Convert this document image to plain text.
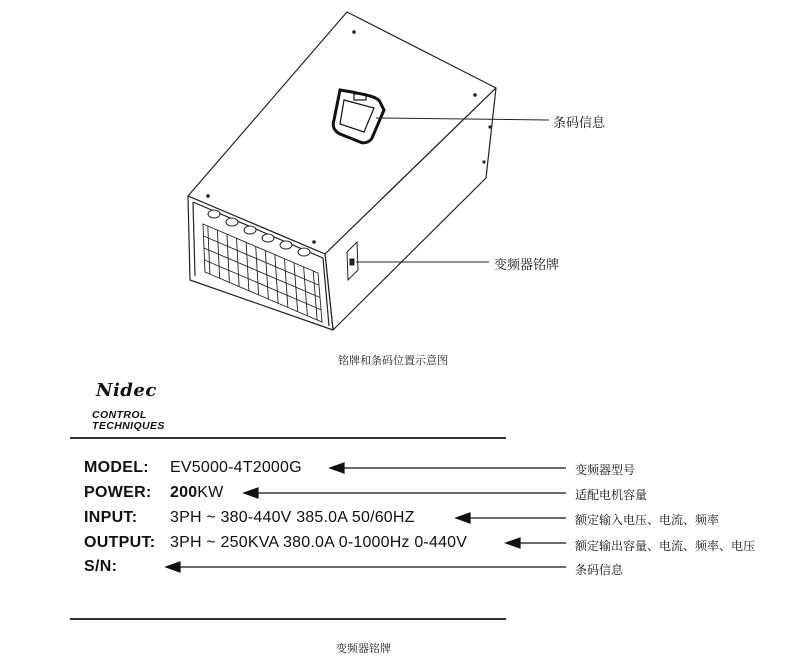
条码信息
变频器铭牌
铭牌和条码位置示意图
Nidec
CONTROL
TECHNIQUES
MODEL: EV5000-4T2000G	变频器型号
POWER: 200KW	适配电机容量
INPUT: 3PH ~ 380-440V 385.0A 50/60HZ	额定输入电压、电流、频率
OUTPUT: 3PH ~ 250KVA 380.0A 0-1000Hz 0-440V	额定输出容量、电流、频率、电压
S/N:	条码信息
变频器铭牌
